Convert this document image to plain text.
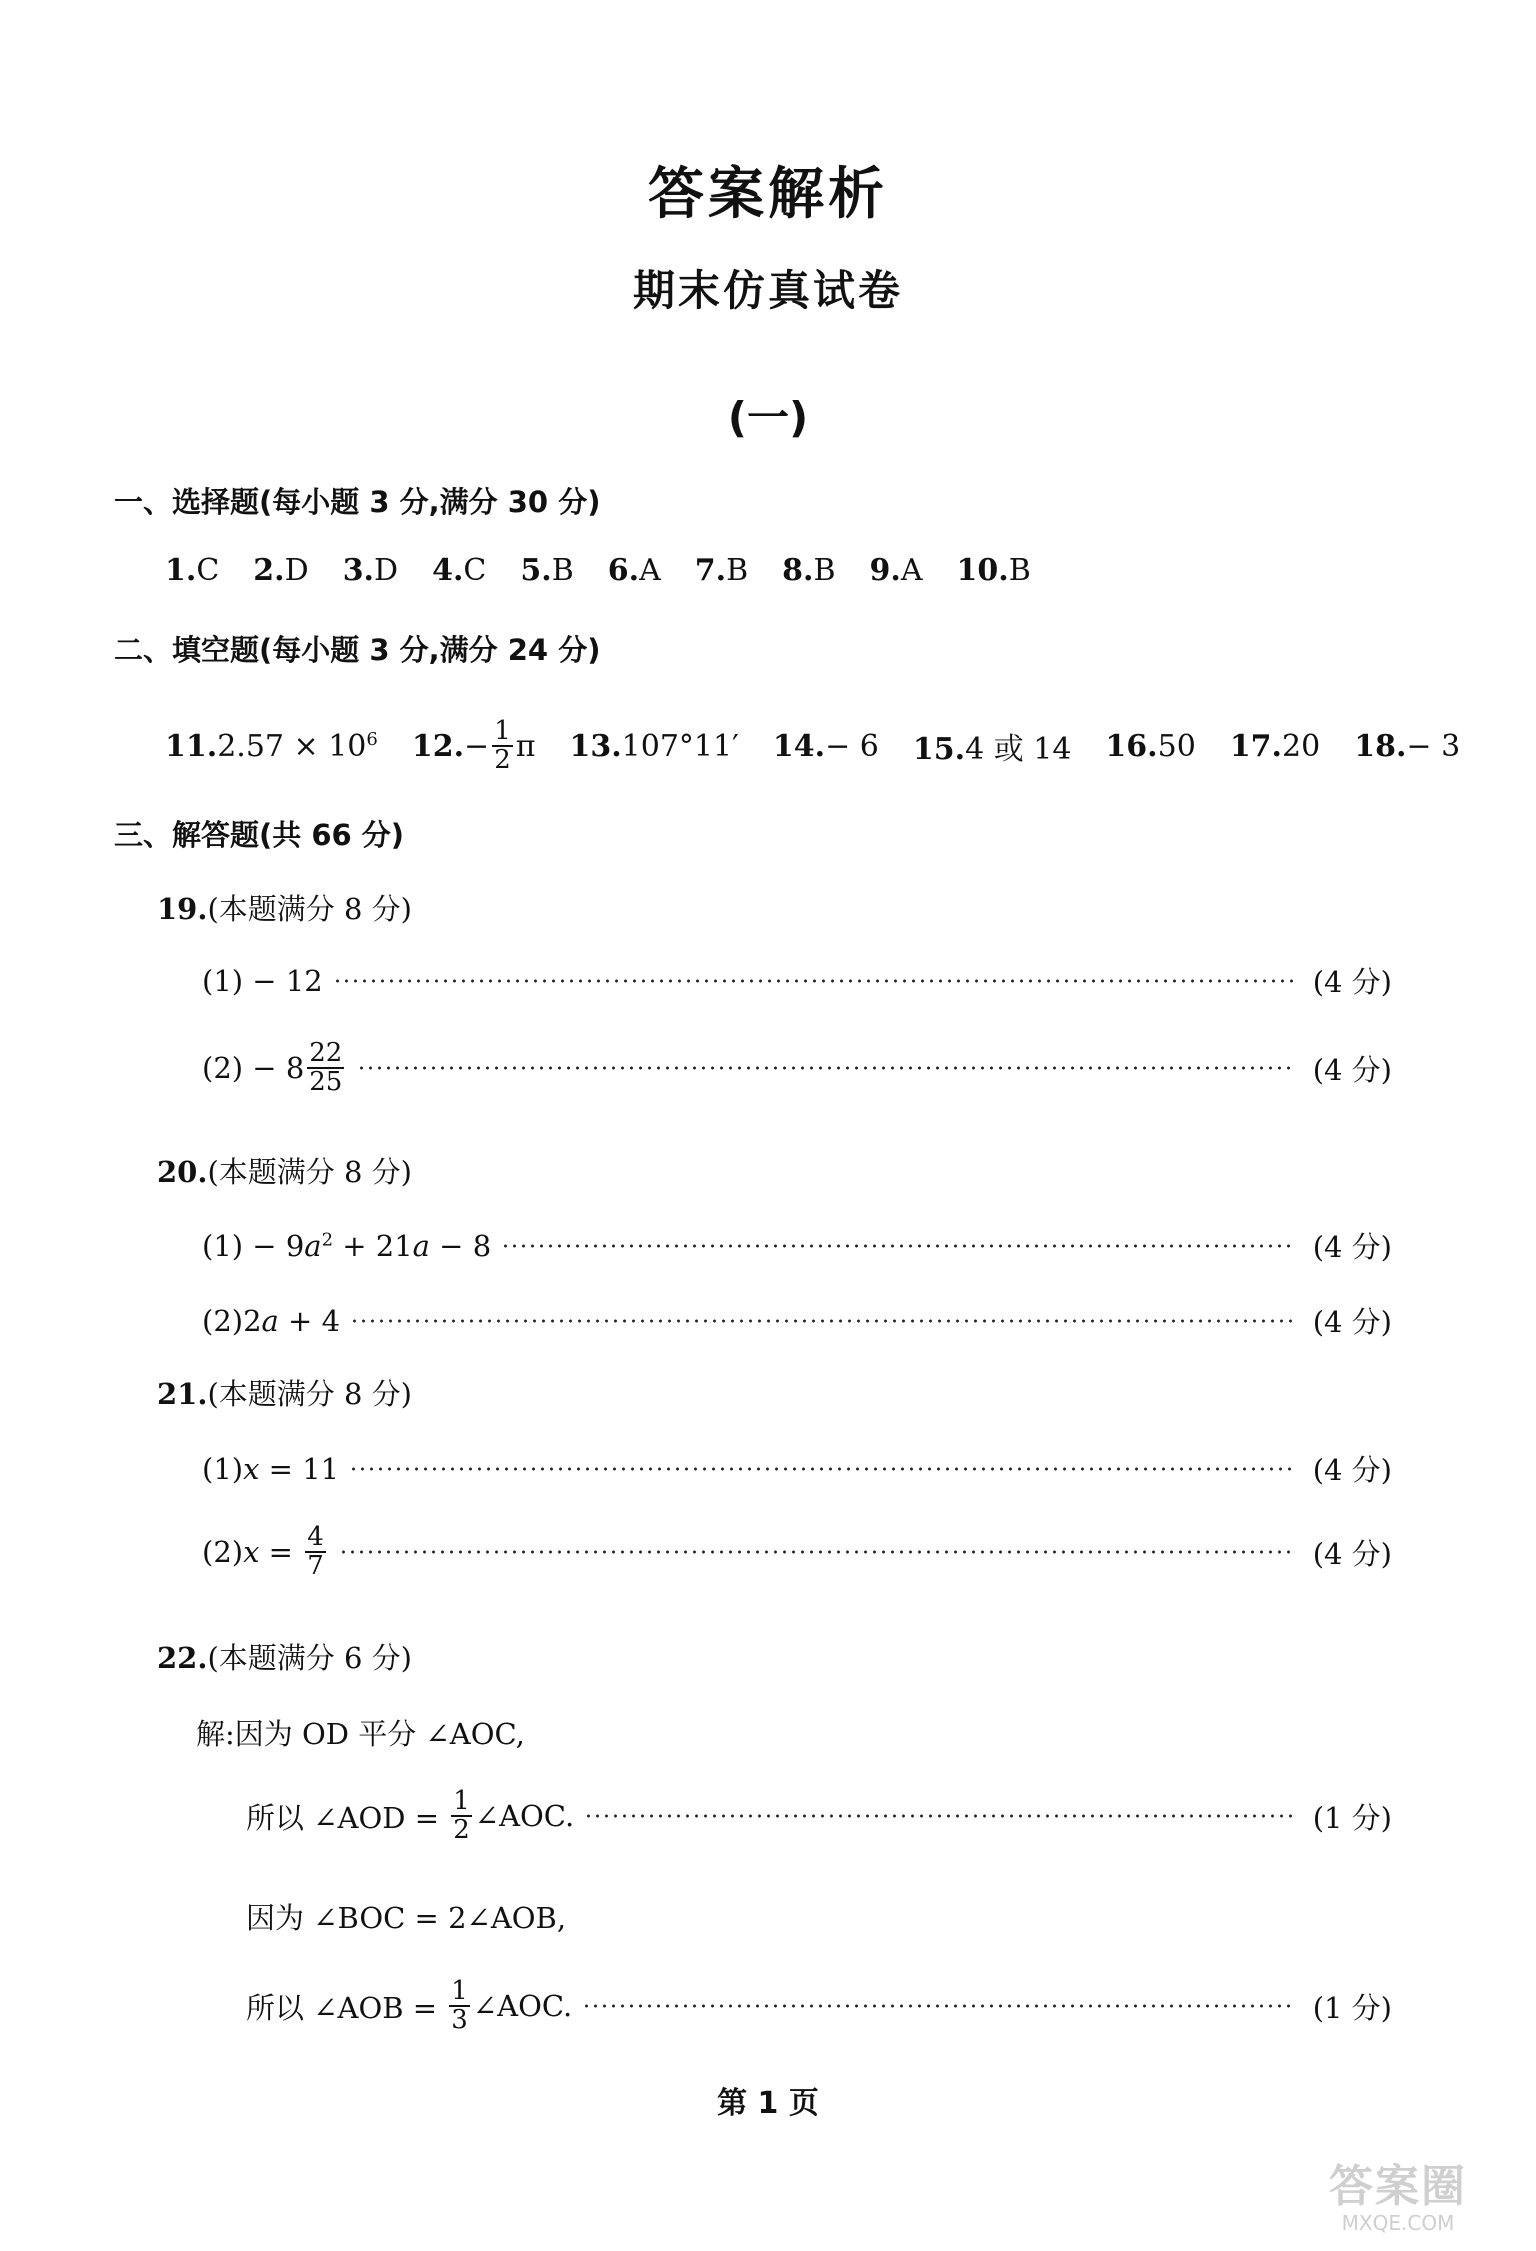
答案解析
期末仿真试卷
(一)
一、选择题(每小题 3 分,满分 30 分)
1.C 2.D 3.D 4.C 5.B 6.A 7.B 8.B 9.A 10.B
二、填空题(每小题 3 分,满分 24 分)
$11.2.57 \times 10^6$ 12. − $\frac{1}{2}$ π 13.107°11′ 14.− 6 15.4 或 14 16.50 17.20 18.− 3
三、解答题(共 66 分)
19.(本题满分 8 分)
(1) − 12	(4 分)
$(2) - 8 \frac{22}{25}$	(4 分)
20.(本题满分 8 分)
$(1) - 9a^2 + 21a - 8$	(4 分)
(2)2a + 4	(4 分)
21.(本题满分 8 分)
(1)x = 11	(4 分)
(2) $x = \frac{4}{7}$	(4 分)
22.(本题满分 6 分)
解:因为 OD 平分 ∠AOC,
所以 ∠AOD = $\frac{1}{2}$ ∠AOC.	(1 分)
因为 ∠BOC = 2∠AOB,
所以 ∠AOB = $\frac{1}{3}$ ∠AOC.	(1 分)
第 1 页
答案圈
MXQE.COM
